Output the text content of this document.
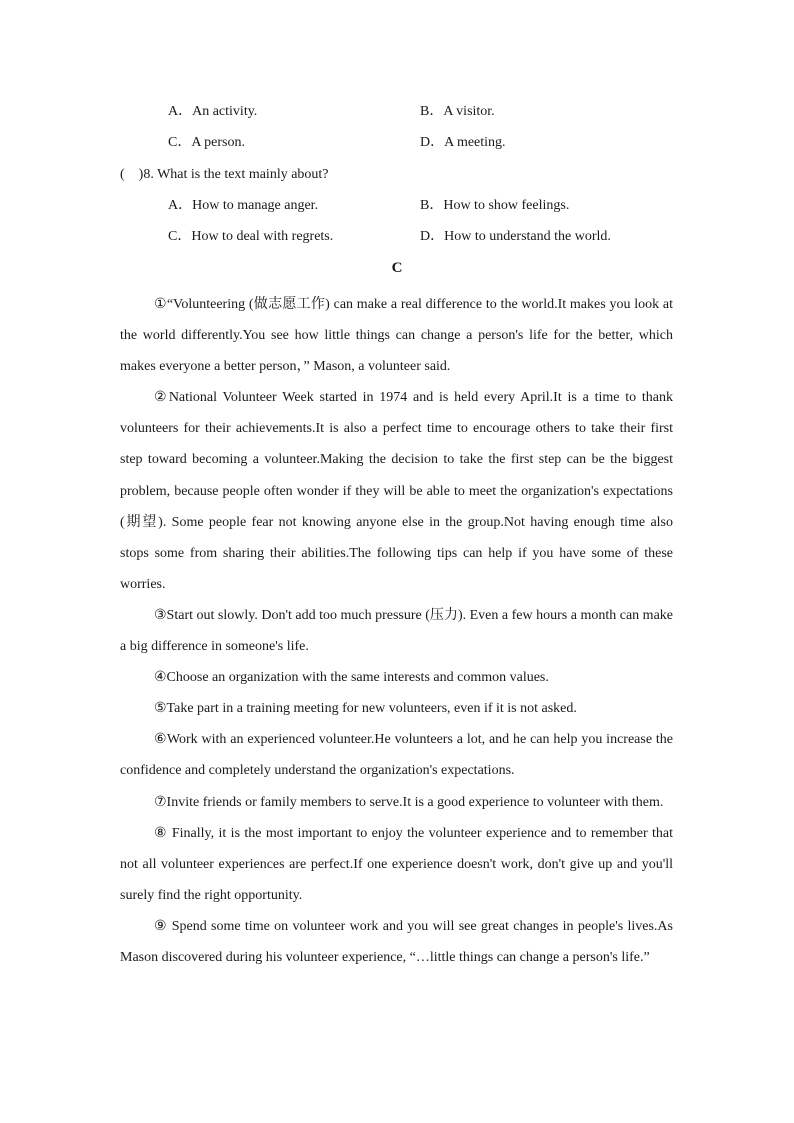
A．An activity.	B．A visitor.
C．A person.	D．A meeting.
(　)8. What is the text mainly about?
A．How to manage anger.	B．How to show feelings.
C．How to deal with regrets.	D．How to understand the world.
C

①“Volunteering (做志愿工作) can make a real difference to the world.It makes you look at the world differently.You see how little things can change a person's life for the better, which makes everyone a better person，” Mason, a volunteer said.

②National Volunteer Week started in 1974 and is held every April.It is a time to thank volunteers for their achievements.It is also a perfect time to encourage others to take their first step toward becoming a volunteer.Making the decision to take the first step can be the biggest problem, because people often wonder if they will be able to meet the organization's expectations (期望). Some people fear not knowing anyone else in the group.Not having enough time also stops some from sharing their abilities.The following tips can help if you have some of these worries.

③Start out slowly. Don't add too much pressure (压力). Even a few hours a month can make a big difference in someone's life.

④Choose an organization with the same interests and common values.

⑤Take part in a training meeting for new volunteers, even if it is not asked.

⑥Work with an experienced volunteer.He volunteers a lot, and he can help you increase the confidence and completely understand the organization's expectations.

⑦Invite friends or family members to serve.It is a good experience to volunteer with them.

⑧ Finally, it is the most important to enjoy the volunteer experience and to remember that not all volunteer experiences are perfect.If one experience doesn't work, don't give up and you'll surely find the right opportunity.

⑨ Spend some time on volunteer work and you will see great changes in people's lives.As Mason discovered during his volunteer experience, “…little things can change a person's life.”
